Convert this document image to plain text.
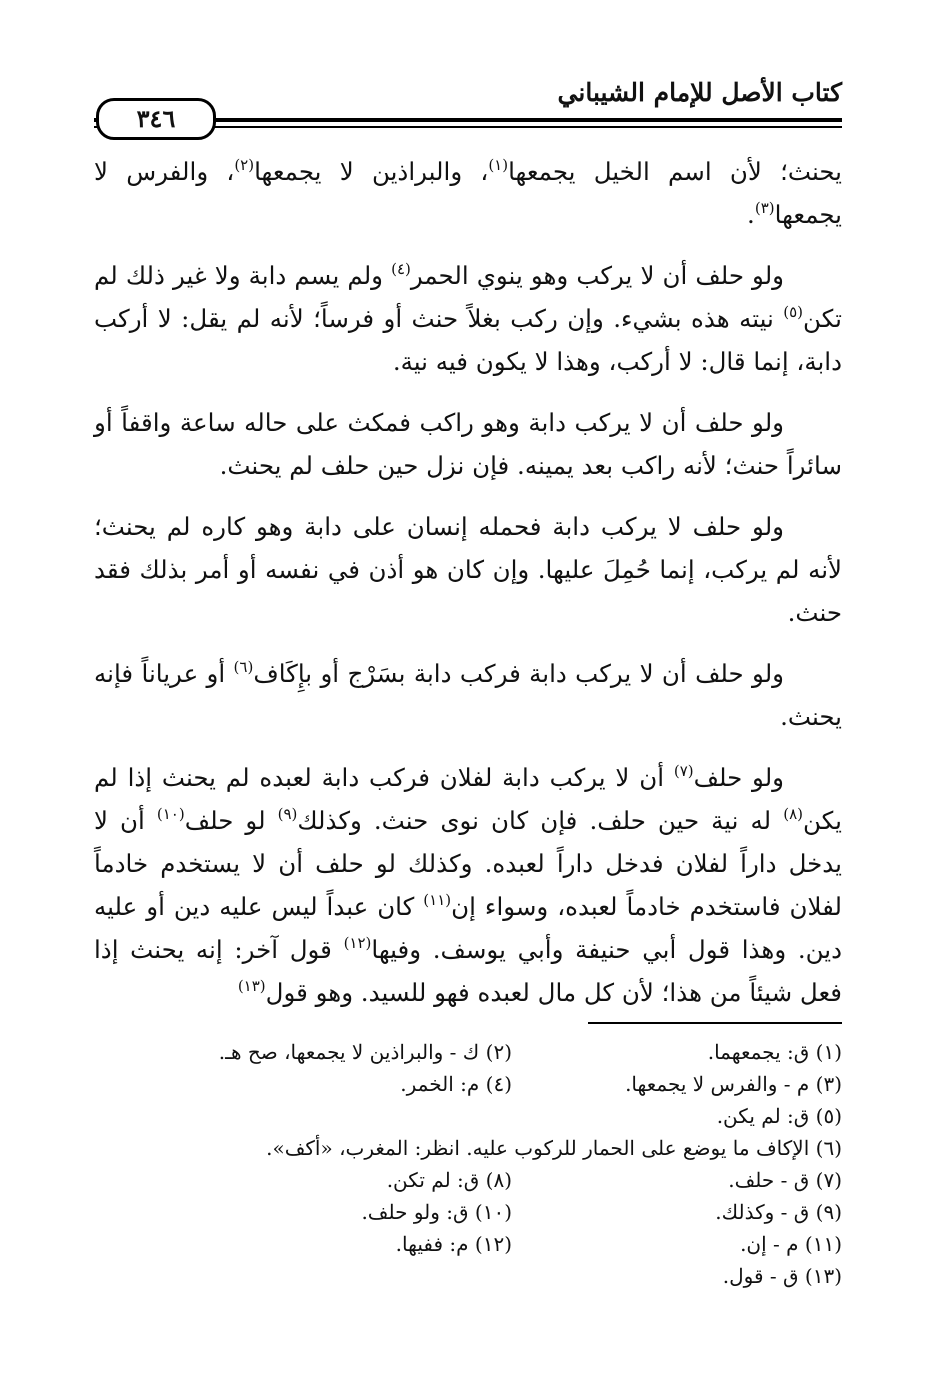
كتاب الأصل للإمام الشيباني
٣٤٦

يحنث؛ لأن اسم الخيل يجمعها$^{(١)}$، والبراذين لا يجمعها$^{(٢)}$، والفرس لا يجمعها$^{(٣)}$.

ولو حلف أن لا يركب وهو ينوي الحمر$^{(٤)}$ ولم يسم دابة ولا غير ذلك لم تكن$^{(٥)}$ نيته هذه بشيء. وإن ركب بغلاً حنث أو فرساً؛ لأنه لم يقل: لا أركب دابة، إنما قال: لا أركب، وهذا لا يكون فيه نية.

ولو حلف أن لا يركب دابة وهو راكب فمكث على حاله ساعة واقفاً أو سائراً حنث؛ لأنه راكب بعد يمينه. فإن نزل حين حلف لم يحنث.

ولو حلف لا يركب دابة فحمله إنسان على دابة وهو كاره لم يحنث؛ لأنه لم يركب، إنما حُمِلَ عليها. وإن كان هو أذن في نفسه أو أمر بذلك فقد حنث.

ولو حلف أن لا يركب دابة فركب دابة بسَرْج أو بإِكَاف$^{(٦)}$ أو عرياناً فإنه يحنث.

ولو حلف$^{(٧)}$ أن لا يركب دابة لفلان فركب دابة لعبده لم يحنث إذا لم يكن$^{(٨)}$ له نية حين حلف. فإن كان نوى حنث. وكذلك$^{(٩)}$ لو حلف$^{(١٠)}$ أن لا يدخل داراً لفلان فدخل داراً لعبده. وكذلك لو حلف أن لا يستخدم خادماً لفلان فاستخدم خادماً لعبده، وسواء إن$^{(١١)}$ كان عبداً ليس عليه دين أو عليه دين. وهذا قول أبي حنيفة وأبي يوسف. وفيها$^{(١٢)}$ قول آخر: إنه يحنث إذا فعل شيئاً من هذا؛ لأن كل مال لعبده فهو للسيد. وهو قول$^{(١٣)}$

(١) ق: يجمعهما.
(٢) ك - والبراذين لا يجمعها، صح هـ.
(٣) م - والفرس لا يجمعها.
(٤) م: الخمر.
(٥) ق: لم يكن.
(٦) الإكاف ما يوضع على الحمار للركوب عليه. انظر: المغرب، «أكف».
(٧) ق - حلف.
(٨) ق: لم تكن.
(٩) ق - وكذلك.
(١٠) ق: ولو حلف.
(١١) م - إن.
(١٢) م: ففيها.
(١٣) ق - قول.
